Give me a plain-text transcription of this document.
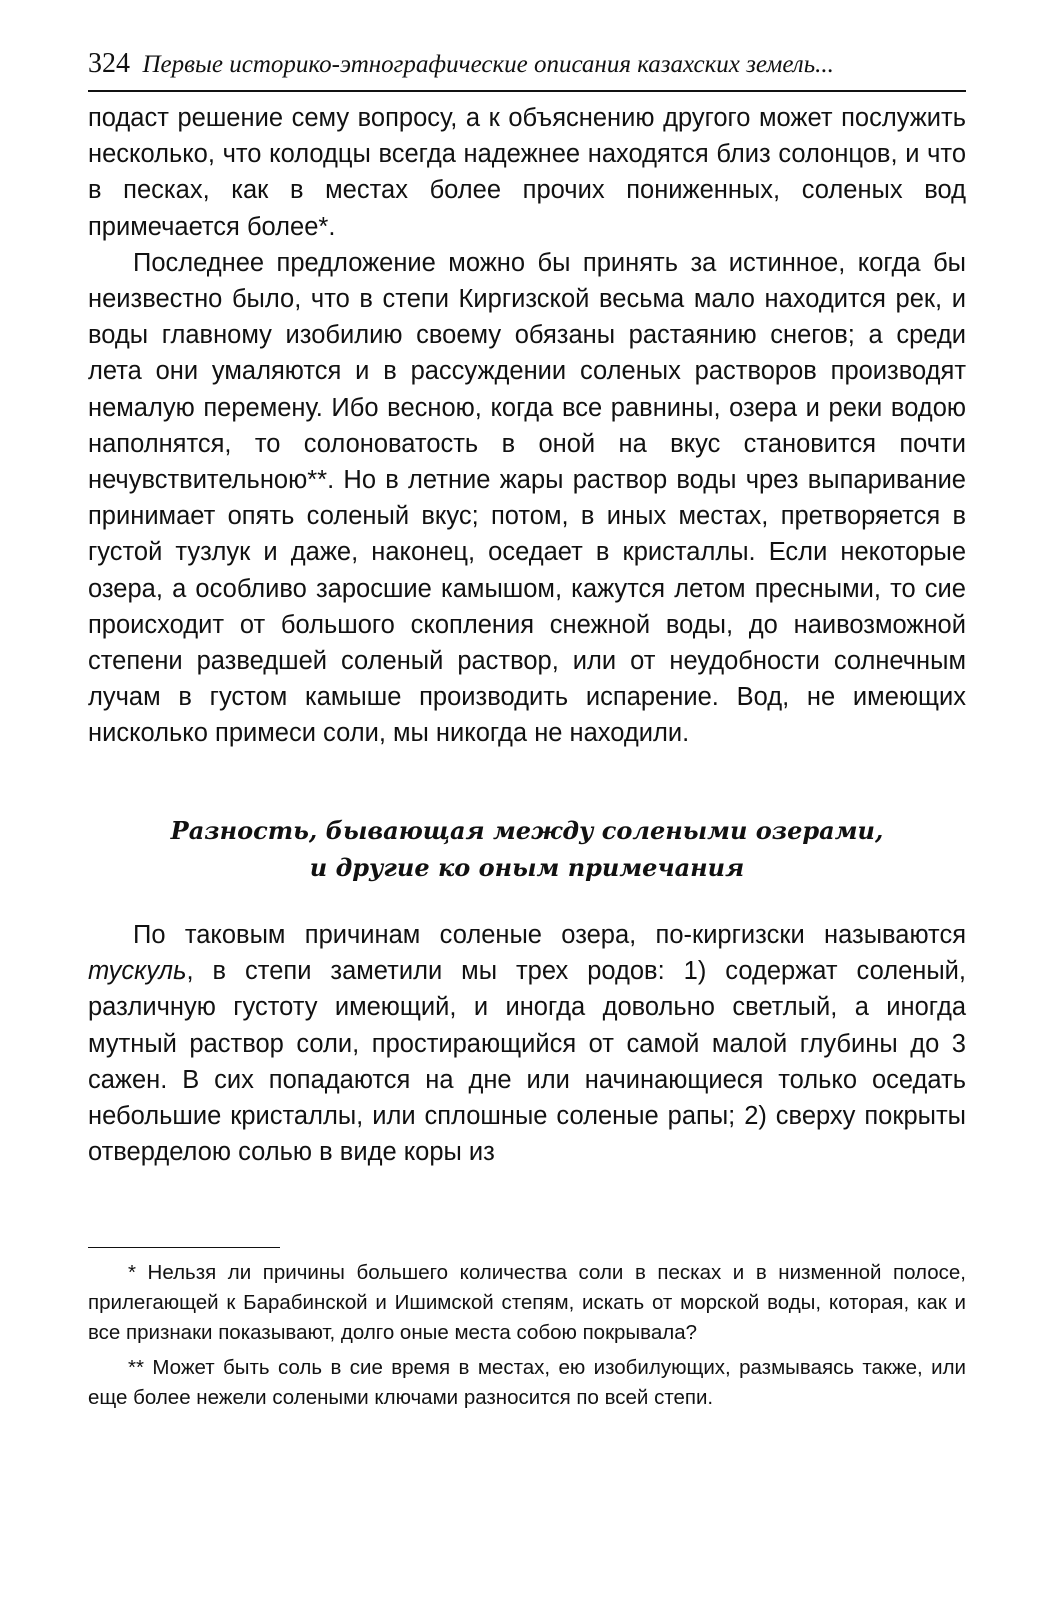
324 Первые историко-этнографические описания казахских земель...

подаст решение сему вопросу, а к объяснению другого может послужить несколько, что колодцы всегда надежнее находятся близ солонцов, и что в песках, как в местах более прочих пониженных, соленых вод примечается более*.

Последнее предложение можно бы принять за истинное, когда бы неизвестно было, что в степи Киргизской весьма мало находится рек, и воды главному изобилию своему обязаны растаянию снегов; а среди лета они умаляются и в рассуждении соленых растворов производят немалую перемену. Ибо весною, когда все равнины, озера и реки водою наполнятся, то солоноватость в оной на вкус становится почти нечувствительною**. Но в летние жары раствор воды чрез выпаривание принимает опять соленый вкус; потом, в иных местах, претворяется в густой тузлук и даже, наконец, оседает в кристаллы. Если некоторые озера, а особливо заросшие камышом, кажутся летом пресными, то сие происходит от большого скопления снежной воды, до наивозможной степени разведшей соленый раствор, или от неудобности солнечным лучам в густом камыше производить испарение. Вод, не имеющих нисколько примеси соли, мы никогда не находили.

Разность, бывающая между солеными озерами,
и другие ко оным примечания

По таковым причинам соленые озера, по-киргизски называются тускуль, в степи заметили мы трех родов: 1) содержат соленый, различную густоту имеющий, и иногда довольно светлый, а иногда мутный раствор соли, простирающийся от самой малой глубины до 3 сажен. В сих попадаются на дне или начинающиеся только оседать небольшие кристаллы, или сплошные соленые рапы; 2) сверху покрыты отверделою солью в виде коры из

* Нельзя ли причины большего количества соли в песках и в низменной полосе, прилегающей к Барабинской и Ишимской степям, искать от морской воды, которая, как и все признаки показывают, долго оные места собою покрывала?

** Может быть соль в сие время в местах, ею изобилующих, размываясь также, или еще более нежели солеными ключами разносится по всей степи.
